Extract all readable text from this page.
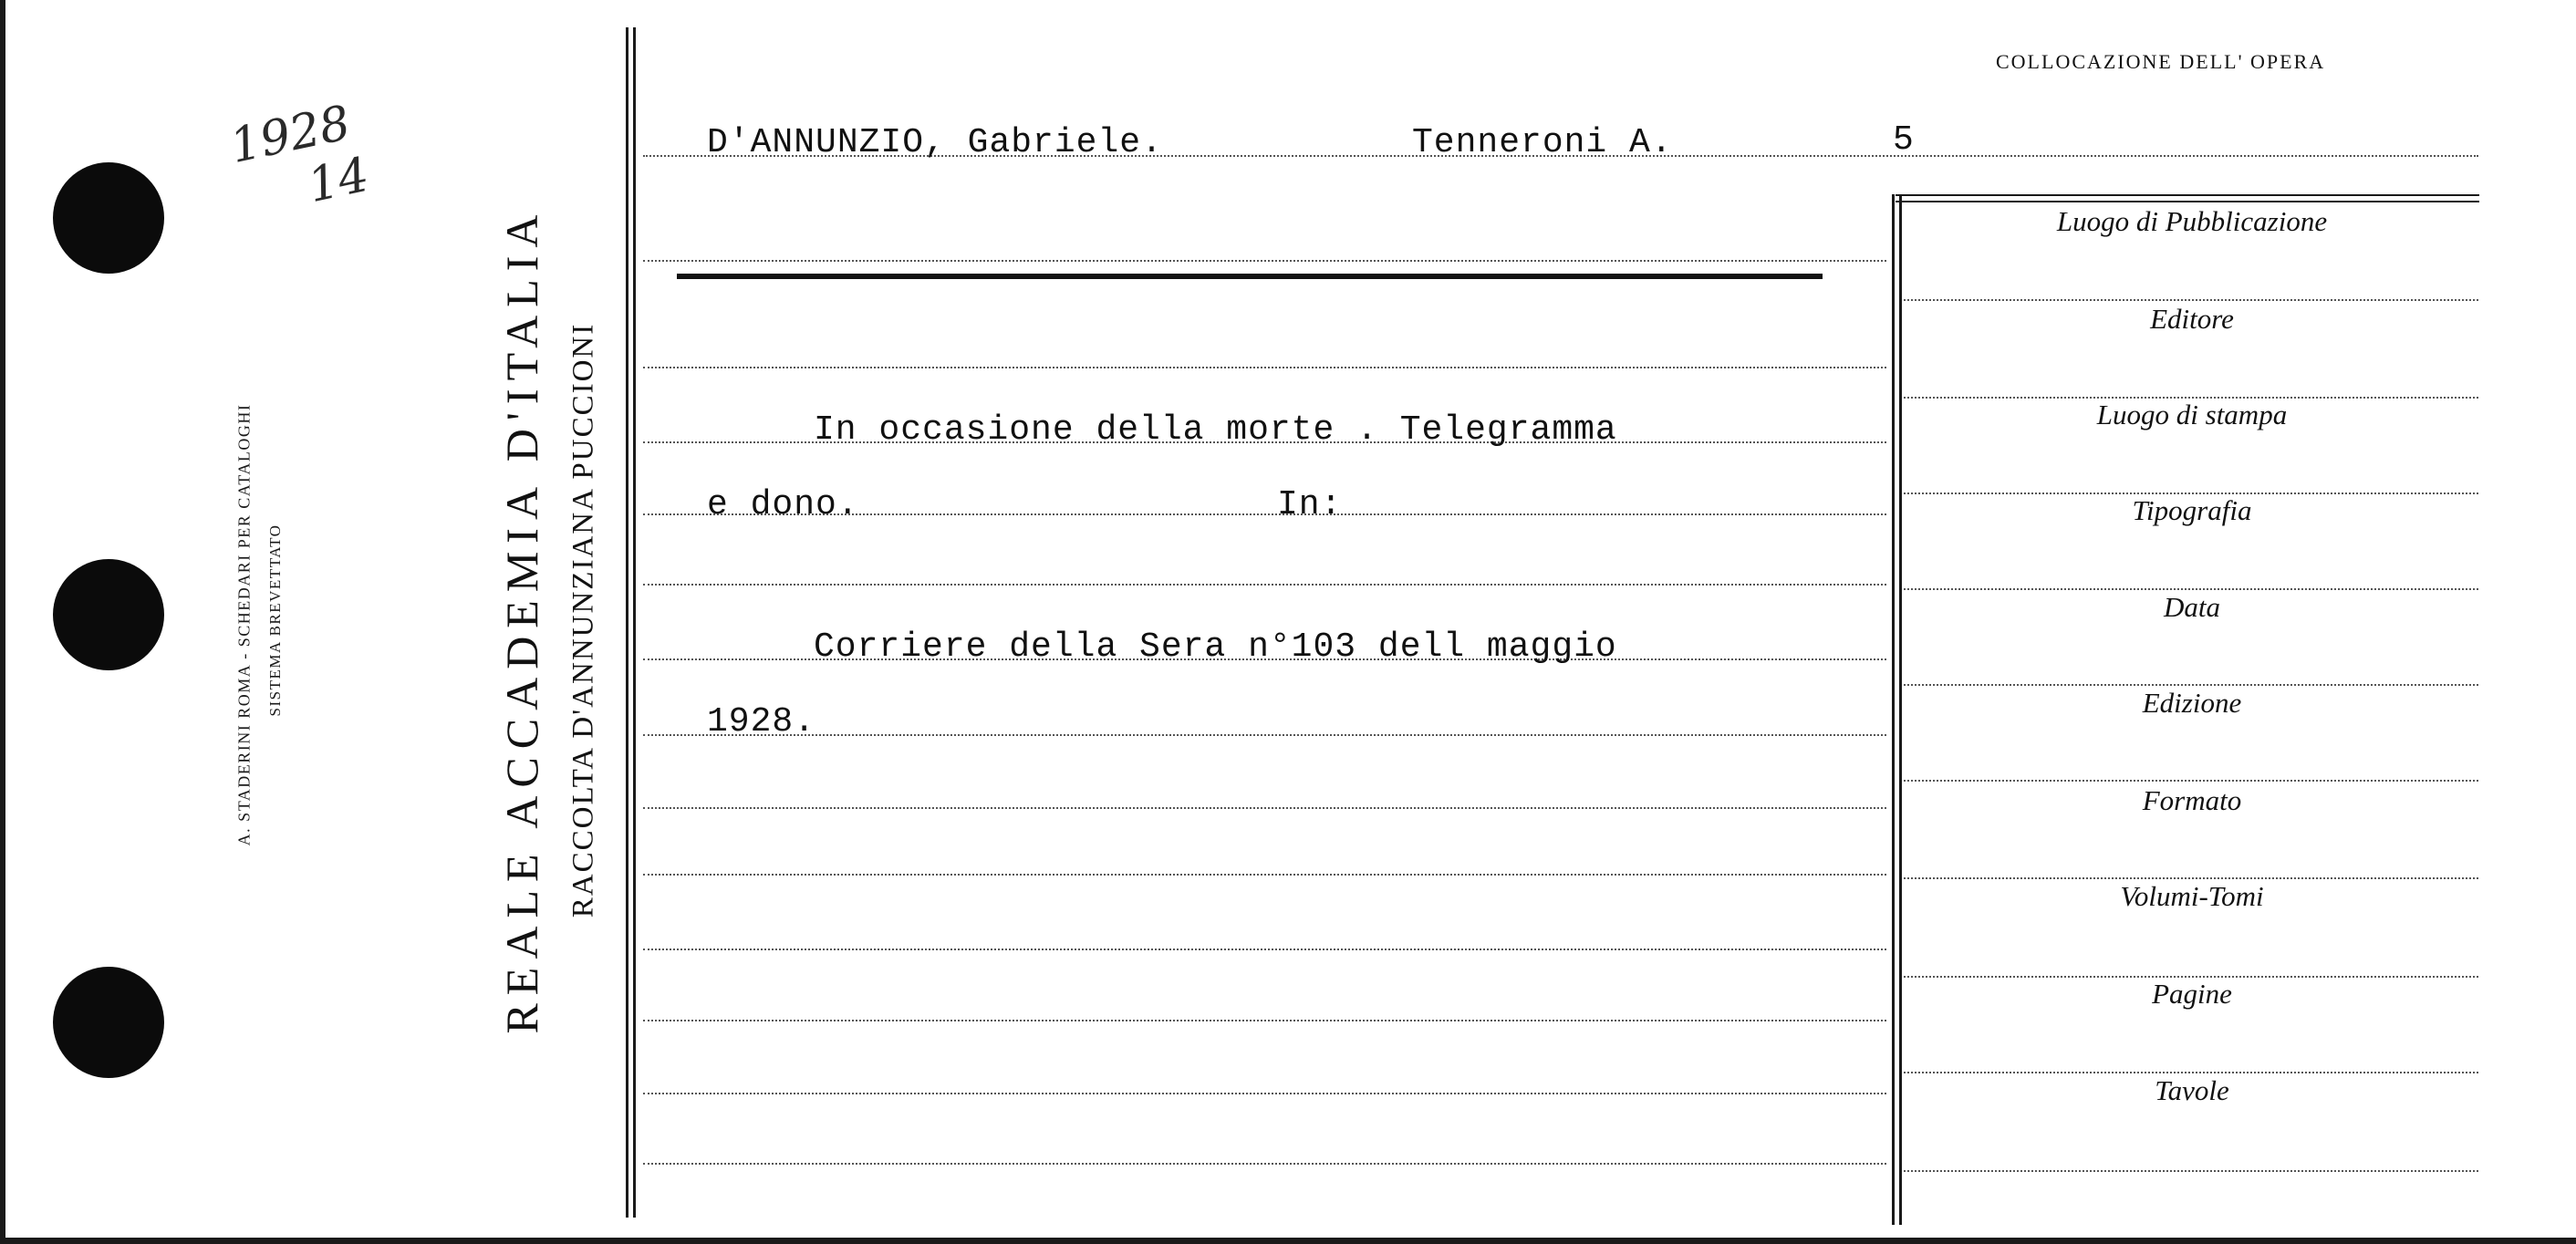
1928
14
A. STADERINI ROMA - SCHEDARI PER CATALOGHI SISTEMA BREVETTATO	REALE ACCADEMIA D'ITALIA RACCOLTA D'ANNUNZIANA PUCCIONI
D'ANNUNZIO, Gabriele.	Tenneroni A.	5
In occasione della morte . Telegramma
e dono.	In:
Corriere della Sera n°103 dell maggio
1928.
COLLOCAZIONE DELL' OPERA
Luogo di Pubblicazione
Editore
Luogo di stampa
Tipografia
Data
Edizione
Formato
Volumi-Tomi
Pagine
Tavole
